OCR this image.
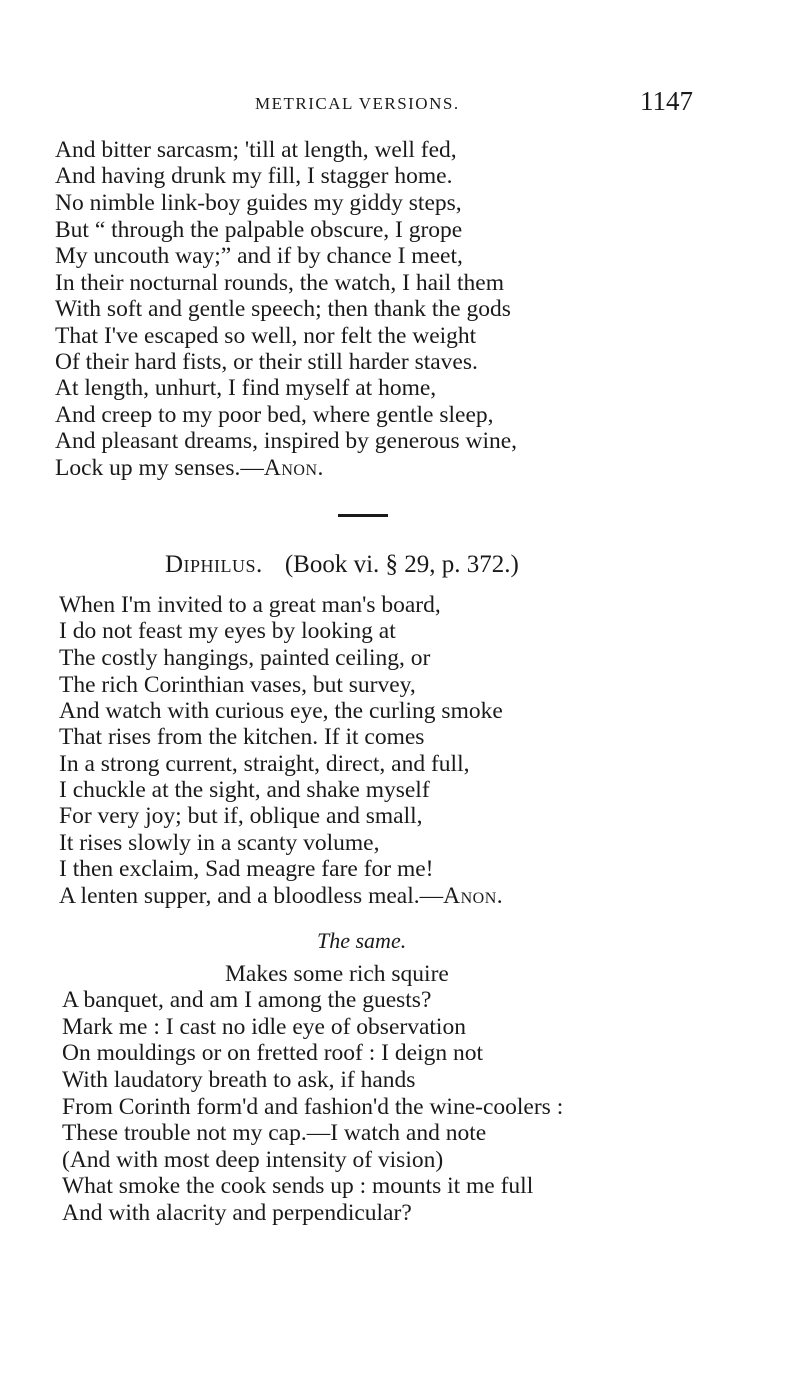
METRICAL VERSIONS.	1147
And bitter sarcasm; 'till at length, well fed,
And having drunk my fill, I stagger home.
No nimble link-boy guides my giddy steps,
But “ through the palpable obscure, I grope
My uncouth way;” and if by chance I meet,
In their nocturnal rounds, the watch, I hail them
With soft and gentle speech; then thank the gods
That I've escaped so well, nor felt the weight
Of their hard fists, or their still harder staves.
At length, unhurt, I find myself at home,
And creep to my poor bed, where gentle sleep,
And pleasant dreams, inspired by generous wine,
Lock up my senses.—Anon.
Diphilus. (Book vi. § 29, p. 372.)
When I'm invited to a great man's board,
I do not feast my eyes by looking at
The costly hangings, painted ceiling, or
The rich Corinthian vases, but survey,
And watch with curious eye, the curling smoke
That rises from the kitchen. If it comes
In a strong current, straight, direct, and full,
I chuckle at the sight, and shake myself
For very joy; but if, oblique and small,
It rises slowly in a scanty volume,
I then exclaim, Sad meagre fare for me!
A lenten supper, and a bloodless meal.—Anon.
The same.
Makes some rich squire
A banquet, and am I among the guests?
Mark me : I cast no idle eye of observation
On mouldings or on fretted roof : I deign not
With laudatory breath to ask, if hands
From Corinth form'd and fashion'd the wine-coolers :
These trouble not my cap.—I watch and note
(And with most deep intensity of vision)
What smoke the cook sends up : mounts it me full
And with alacrity and perpendicular?
